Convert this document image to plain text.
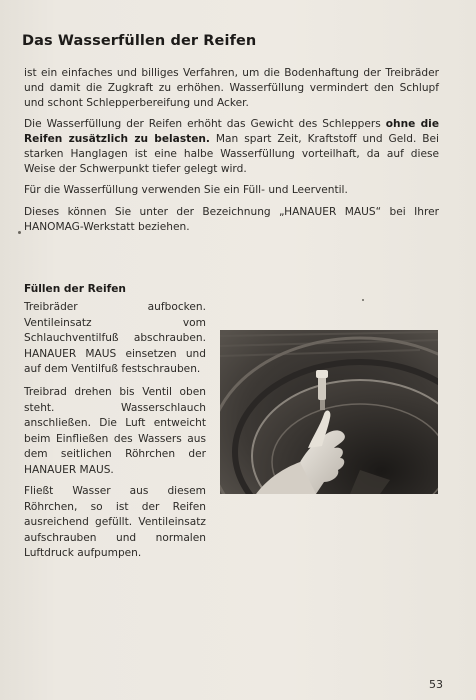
Das Wasserfüllen der Reifen
ist ein einfaches und billiges Verfahren, um die Bodenhaftung der Treibräder und damit die Zugkraft zu erhöhen. Wasserfüllung vermindert den Schlupf und schont Schlepperbereifung und Acker.
Die Wasserfüllung der Reifen erhöht das Gewicht des Schleppers ohne die Reifen zusätzlich zu belasten. Man spart Zeit, Kraftstoff und Geld. Bei starken Hanglagen ist eine halbe Wasserfüllung vorteilhaft, da auf diese Weise der Schwerpunkt tiefer gelegt wird.
Für die Wasserfüllung verwenden Sie ein Füll- und Leerventil.
Dieses können Sie unter der Bezeichnung „HANAUER MAUS“ bei Ihrer HANOMAG-Werkstatt beziehen.
Füllen der Reifen
Treibräder aufbocken. Ventileinsatz vom Schlauchventilfuß abschrauben. HANAUER MAUS einsetzen und auf dem Ventilfuß festschrauben.
Treibrad drehen bis Ventil oben steht. Wasserschlauch anschließen. Die Luft entweicht beim Einfließen des Wassers aus dem seitlichen Röhrchen der HANAUER MAUS.
Fließt Wasser aus diesem Röhrchen, so ist der Reifen ausreichend gefüllt. Ventileinsatz aufschrauben und normalen Luftdruck aufpumpen.
53
